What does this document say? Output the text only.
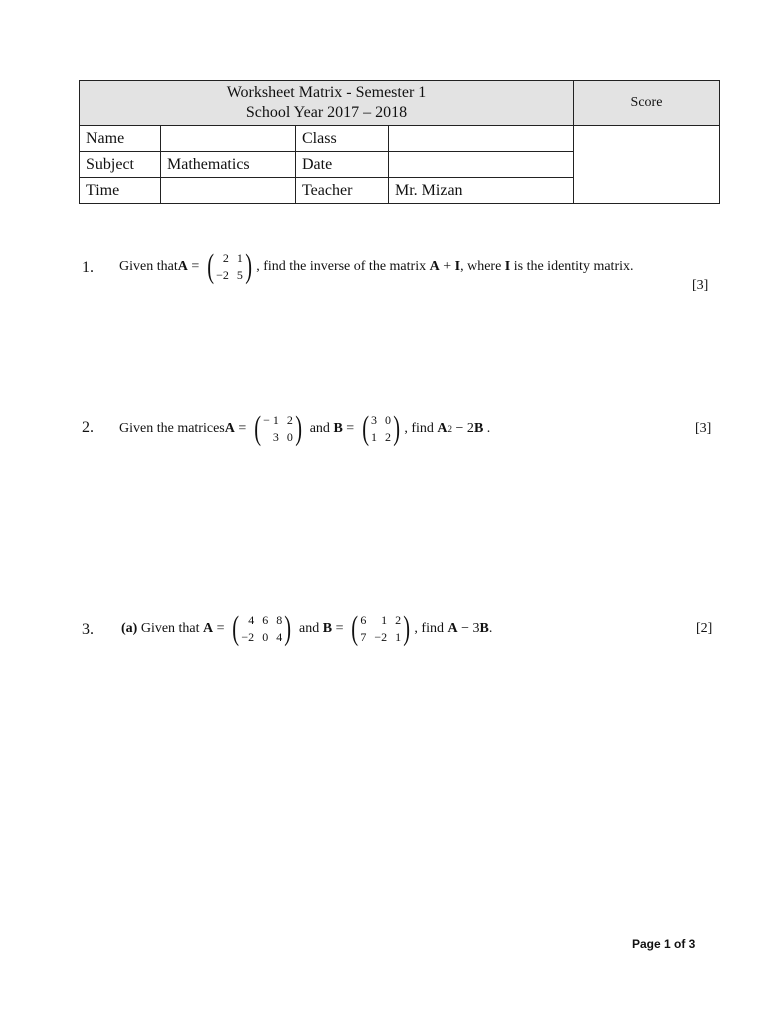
Worksheet Matrix - Semester 1
School Year 2017 – 2018				Score
Name		Class		
Subject	Mathematics	Date		
Time		Teacher	Mr. Mizan	
1. Given that A = ( 2 1
−2 5 ) , find the inverse of the matrix A + I , where I is the identity matrix.
[3]
2. Given the matrices A = ( − 1 2
3 0 ) and B = ( 3 0
1 2 ) , find A 2 − 2 B .	[3]
3. (a) Given that A = ( 4 6 8
−2 0 4 ) and B = ( 6	1 2
7 −2 1 ) , find A − 3 B .	[2]
Page 1 of 3
